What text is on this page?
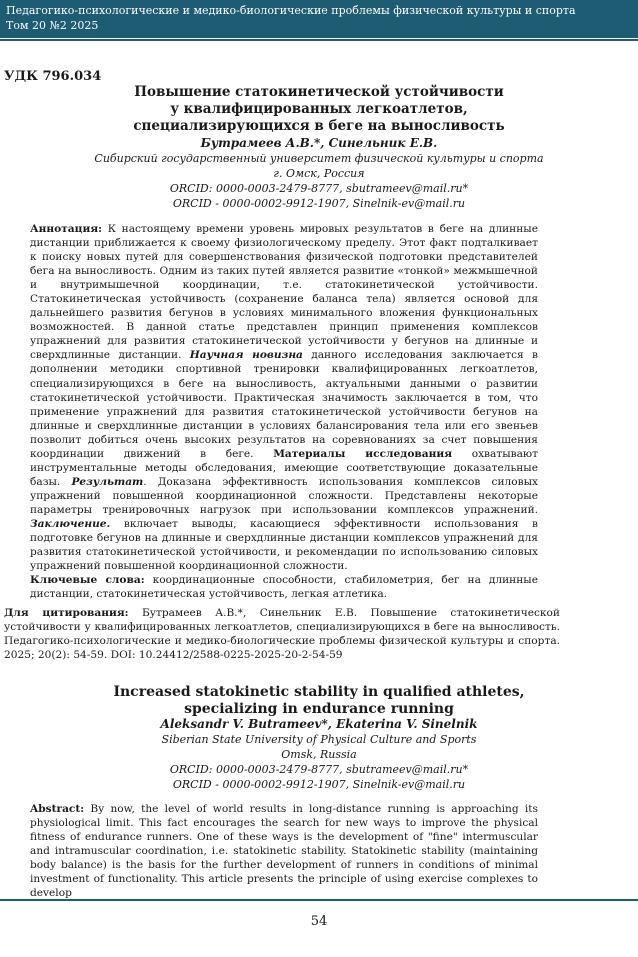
Педагогико-психологические и медико-биологические проблемы физической культуры и спорта
Том 20 №2 2025
УДК 796.034
Повышение статокинетической устойчивости
у квалифицированных легкоатлетов,
специализирующихся в беге на выносливость
Бутрамеев А.В.*, Синельник Е.В.
Сибирский государственный университет физической культуры и спорта
г. Омск, Россия
ORCID: 0000-0003-2479-8777, sbutrameev@mail.ru*
ORCID - 0000-0002-9912-1907, Sinelnik-ev@mail.ru
Аннотация: К настоящему времени уровень мировых результатов в беге на длинные дистанции приближается к своему физиологическому пределу. Этот факт подталкивает к поиску новых путей для совершенствования физической подготовки представителей бега на выносливость. Одним из таких путей является развитие «тонкой» межмышечной и внутримышечной координации, т.е. статокинетической устойчивости. Статокинетическая устойчивость (сохранение баланса тела) является основой для дальнейшего развития бегунов в условиях минимального вложения функциональных возможностей. В данной статье представлен принцип применения комплексов упражнений для развития статокинетической устойчивости у бегунов на длинные и сверхдлинные дистанции. Научная новизна данного исследования заключается в дополнении методики спортивной тренировки квалифицированных легкоатлетов, специализирующихся в беге на выносливость, актуальными данными о развитии статокинетической устойчивости. Практическая значимость заключается в том, что применение упражнений для развития статокинетической устойчивости бегунов на длинные и сверхдлинные дистанции в условиях балансирования тела или его звеньев позволит добиться очень высоких результатов на соревнованиях за счет повышения координации движений в беге. Материалы исследования охватывают инструментальные методы обследования, имеющие соответствующие доказательные базы. Результат. Доказана эффективность использования комплексов силовых упражнений повышенной координационной сложности. Представлены некоторые параметры тренировочных нагрузок при использовании комплексов упражнений. Заключение. включает выводы, касающиеся эффективности использования в подготовке бегунов на длинные и сверхдлинные дистанции комплексов упражнений для развития статокинетической устойчивости, и рекомендации по использованию силовых упражнений повышенной координационной сложности.
Ключевые слова: координационные способности, стабилометрия, бег на длинные дистанции, статокинетическая устойчивость, легкая атлетика.
Для цитирования: Бутрамеев А.В.*, Синельник Е.В. Повышение статокинетической устойчивости у квалифицированных легкоатлетов, специализирующихся в беге на выносливость. Педагогико-психологические и медико-биологические проблемы физической культуры и спорта. 2025; 20(2): 54-59. DOI: 10.24412/2588-0225-2025-20-2-54-59
Increased statokinetic stability in qualified athletes,
specializing in endurance running
Aleksandr V. Butrameev*, Ekaterina V. Sinelnik
Siberian State University of Physical Culture and Sports
Omsk, Russia
ORCID: 0000-0003-2479-8777, sbutrameev@mail.ru*
ORCID - 0000-0002-9912-1907, Sinelnik-ev@mail.ru
Abstract: By now, the level of world results in long-distance running is approaching its physiological limit. This fact encourages the search for new ways to improve the physical fitness of endurance runners. One of these ways is the development of "fine" intermuscular and intramuscular coordination, i.e. statokinetic stability. Statokinetic stability (maintaining body balance) is the basis for the further development of runners in conditions of minimal investment of functionality. This article presents the principle of using exercise complexes to develop
54
